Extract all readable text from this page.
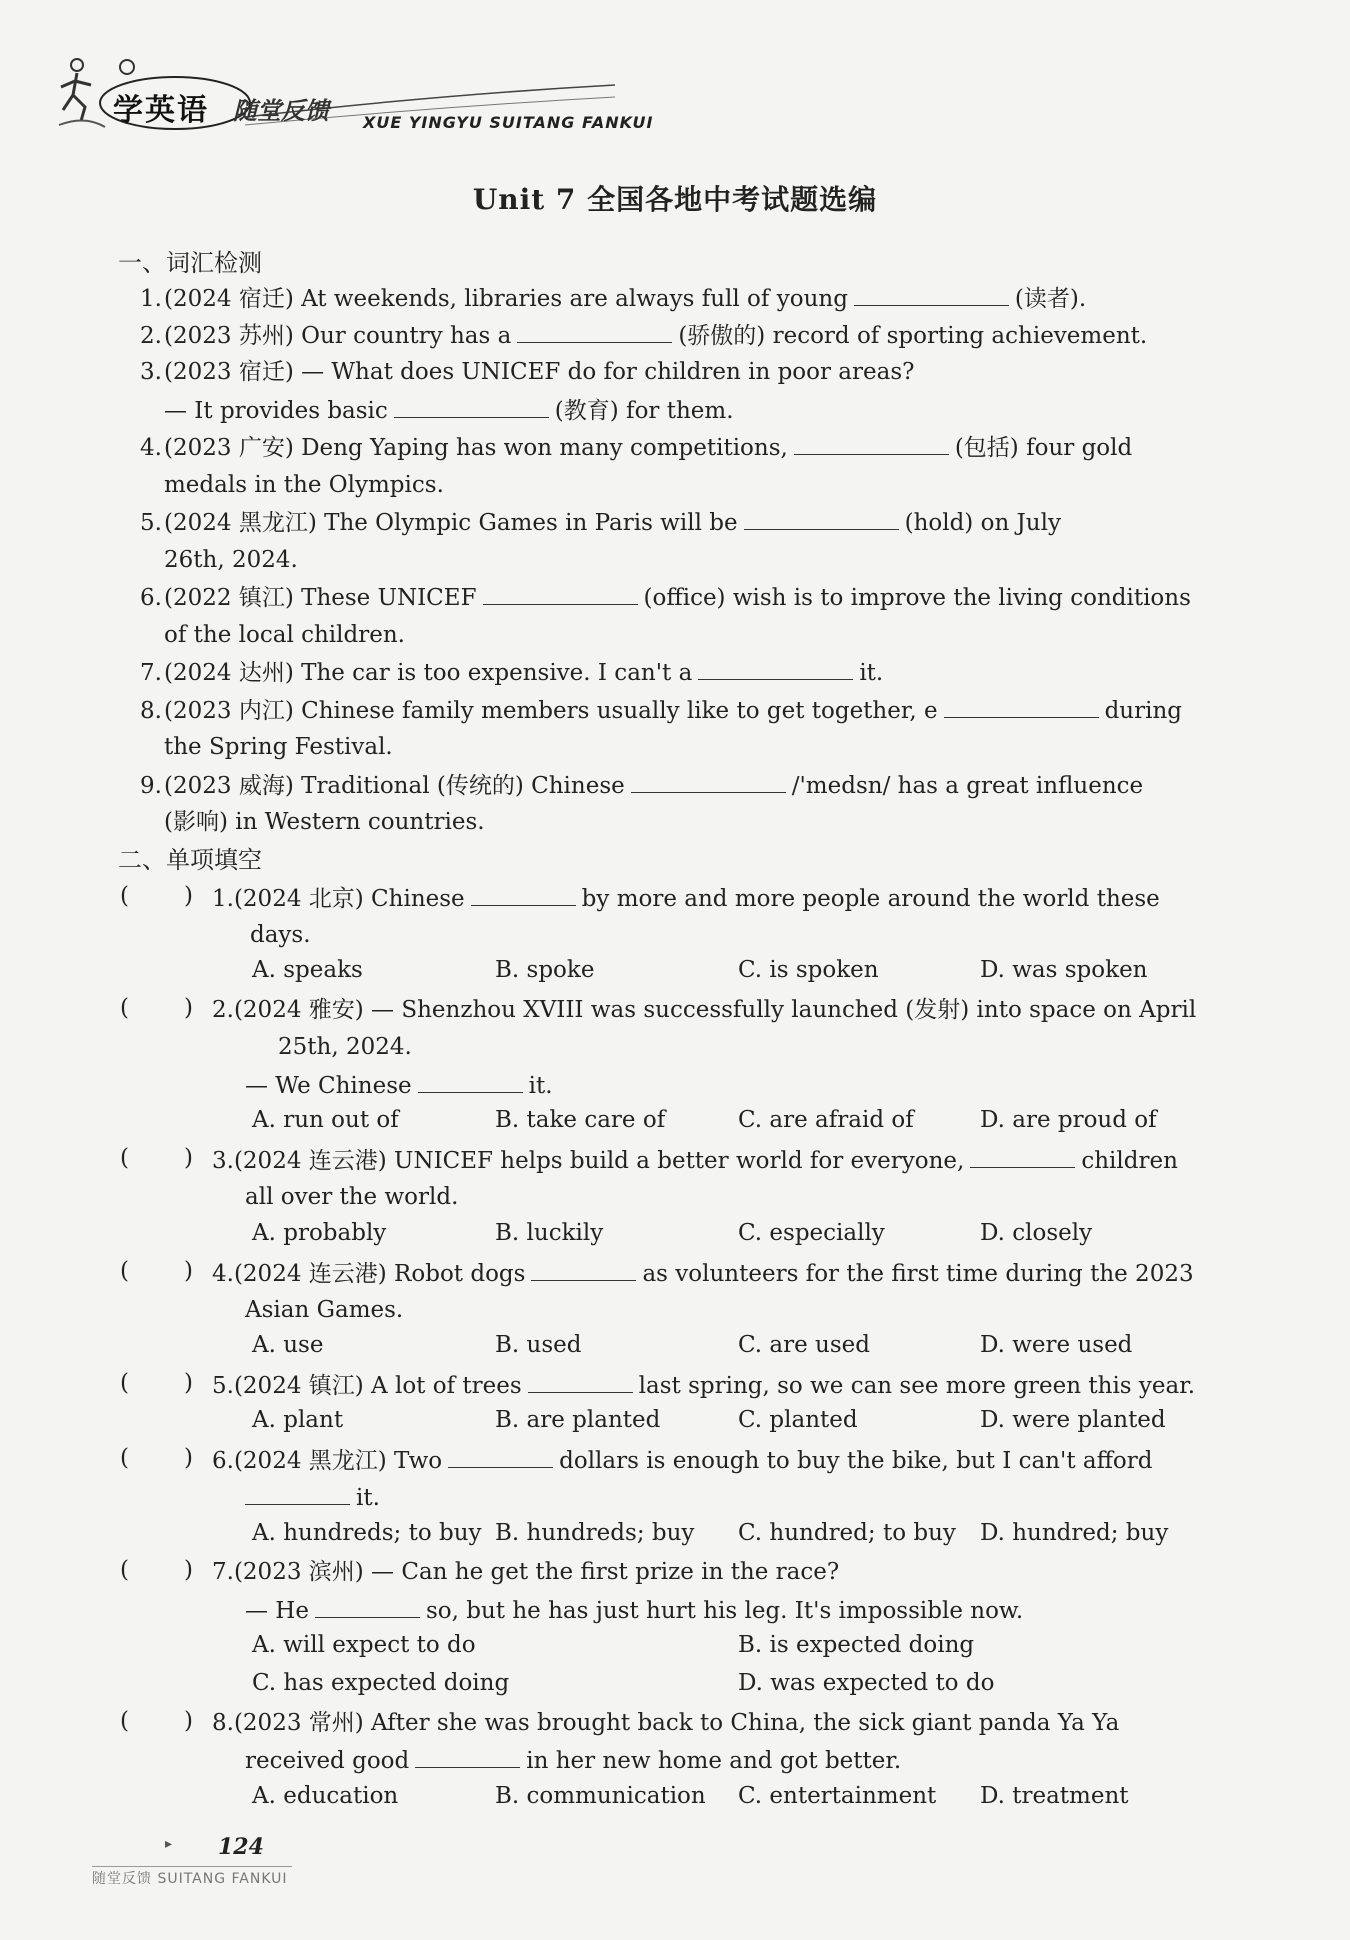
学英语 随堂反馈 XUE YINGYU SUITANG FANKUI
Unit 7 全国各地中考试题选编
一、词汇检测
1.(2024 宿迁) At weekends, libraries are always full of young	(读者).
2.(2023 苏州) Our country has a	(骄傲的) record of sporting achievement.
3.(2023 宿迁) — What does UNICEF do for children in poor areas?
— It provides basic	(教育) for them.
4.(2023 广安) Deng Yaping has won many competitions,	(包括) four gold
medals in the Olympics.
5.(2024 黑龙江) The Olympic Games in Paris will be	(hold) on July
26th, 2024.
6.(2022 镇江) These UNICEF	(office) wish is to improve the living conditions
of the local children.
7.(2024 达州) The car is too expensive. I can't a	it.
8.(2023 内江) Chinese family members usually like to get together, e	during
the Spring Festival.
9.(2023 威海) Traditional (传统的) Chinese	/'medsn/ has a great influence
(影响) in Western countries.
二、单项填空
( ) 1.(2024 北京) Chinese	by more and more people around the world these
days.
A. speaks	B. spoke	C. is spoken	D. was spoken
( ) 2.(2024 雅安) — Shenzhou XVIII was successfully launched (发射) into space on April
25th, 2024.
— We Chinese	it.
A. run out of	B. take care of	C. are afraid of	D. are proud of
( ) 3.(2024 连云港) UNICEF helps build a better world for everyone,	children
all over the world.
A. probably	B. luckily	C. especially	D. closely
( ) 4.(2024 连云港) Robot dogs	as volunteers for the first time during the 2023
Asian Games.
A. use	B. used	C. are used	D. were used
( ) 5.(2024 镇江) A lot of trees	last spring, so we can see more green this year.
A. plant	B. are planted	C. planted	D. were planted
( ) 6.(2024 黑龙江) Two	dollars is enough to buy the bike, but I can't afford
it.
A. hundreds; to buy B. hundreds; buy C. hundred; to buy D. hundred; buy
( ) 7.(2023 滨州) — Can he get the first prize in the race?
— He	so, but he has just hurt his leg. It's impossible now.
A. will expect to do	B. is expected doing
C. has expected doing	D. was expected to do
( ) 8.(2023 常州) After she was brought back to China, the sick giant panda Ya Ya
received good	in her new home and got better.
A. education	B. communication C. entertainment D. treatment
▸ 124
随堂反馈 SUITANG FANKUI
